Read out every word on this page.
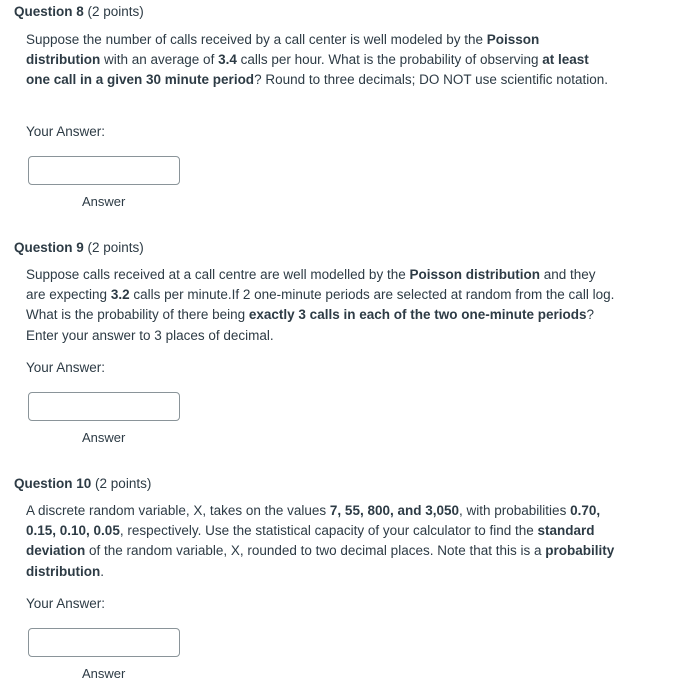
Question 8 (2 points)
Suppose the number of calls received by a call center is well modeled by the Poisson distribution with an average of 3.4 calls per hour. What is the probability of observing at least one call in a given 30 minute period? Round to three decimals; DO NOT use scientific notation.
Your Answer:
Answer
Question 9 (2 points)
Suppose calls received at a call centre are well modelled by the Poisson distribution and they are expecting 3.2 calls per minute.If 2 one-minute periods are selected at random from the call log. What is the probability of there being exactly 3 calls in each of the two one-minute periods? Enter your answer to 3 places of decimal.
Your Answer:
Answer
Question 10 (2 points)
A discrete random variable, X, takes on the values 7, 55, 800, and 3,050, with probabilities 0.70, 0.15, 0.10, 0.05, respectively. Use the statistical capacity of your calculator to find the standard deviation of the random variable, X, rounded to two decimal places. Note that this is a probability distribution.
Your Answer:
Answer
